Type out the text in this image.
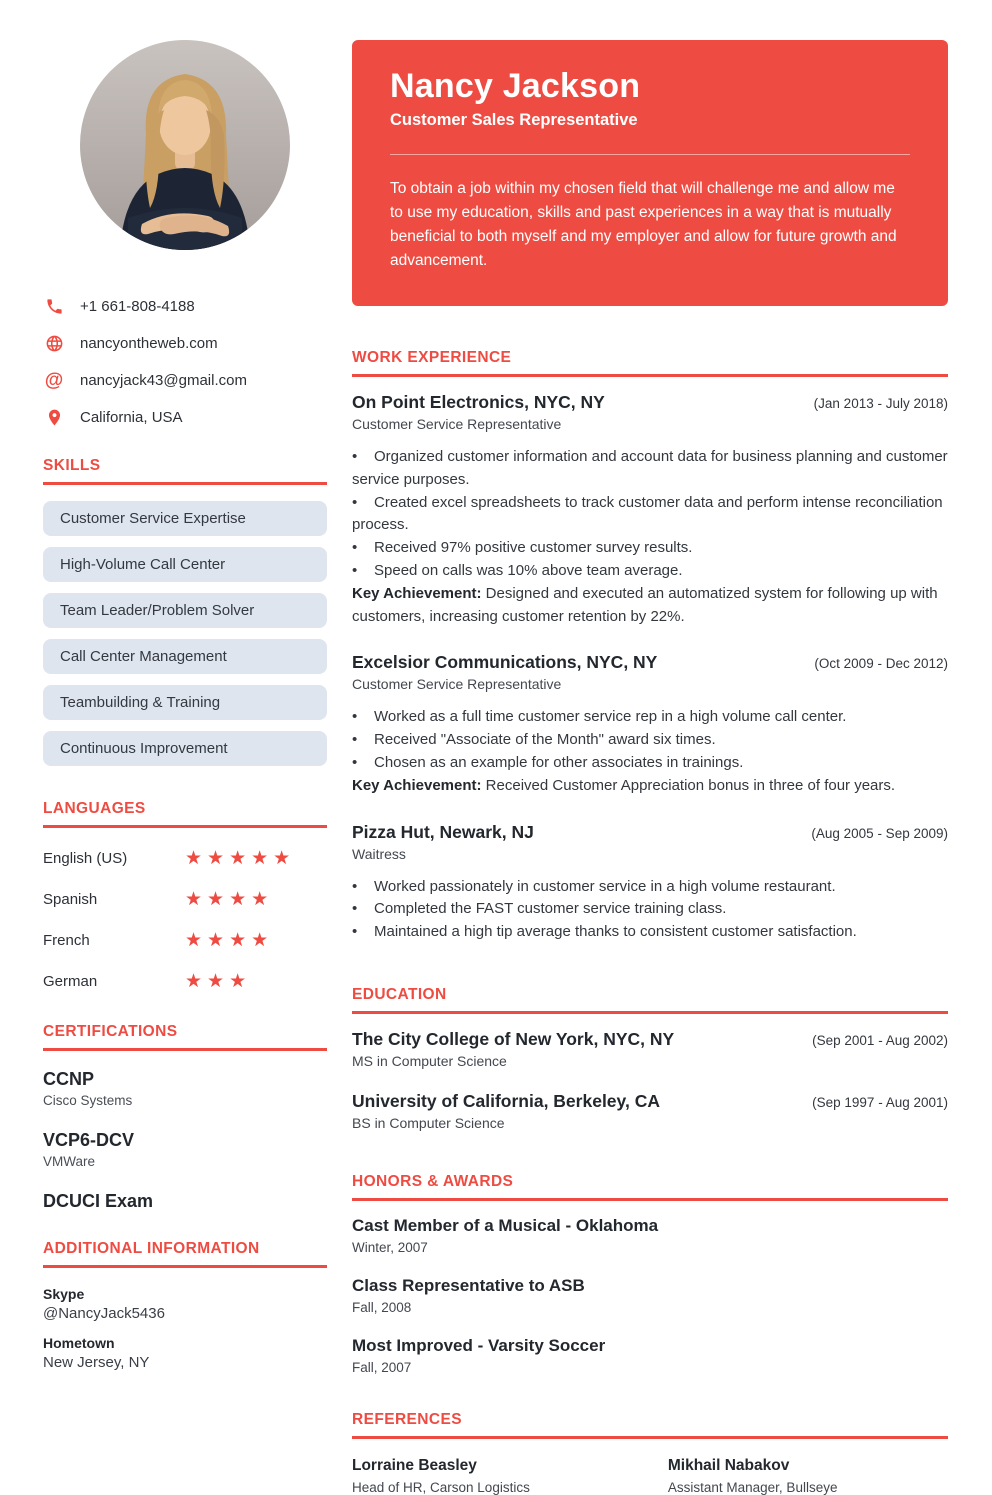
+1 661-808-4188
nancyontheweb.com
@ nancyjack43@gmail.com
California, USA
SKILLS
Customer Service Expertise
High-Volume Call Center
Team Leader/Problem Solver
Call Center Management
Teambuilding & Training
Continuous Improvement
LANGUAGES
English (US)	★★★★★
Spanish	★★★★
French	★★★★
German	★★★
CERTIFICATIONS
CCNP
Cisco Systems
VCP6-DCV
VMWare
DCUCI Exam
ADDITIONAL INFORMATION
Skype
@NancyJack5436
Hometown
New Jersey, NY
Nancy Jackson
Customer Sales Representative
To obtain a job within my chosen field that will challenge me and allow me to use my education, skills and past experiences in a way that is mutually beneficial to both myself and my employer and allow for future growth and advancement.
WORK EXPERIENCE
On Point Electronics, NYC, NY	(Jan 2013 - July 2018)
Customer Service Representative

• Organized customer information and account data for business planning and customer service purposes.

• Created excel spreadsheets to track customer data and perform intense reconciliation process.

• Received 97% positive customer survey results.

• Speed on calls was 10% above team average.

Key Achievement: Designed and executed an automatized system for following up with customers, increasing customer retention by 22%.

Excelsior Communications, NYC, NY	(Oct 2009 - Dec 2012)
Customer Service Representative

• Worked as a full time customer service rep in a high volume call center.

• Received "Associate of the Month" award six times.

• Chosen as an example for other associates in trainings.

Key Achievement: Received Customer Appreciation bonus in three of four years.

Pizza Hut, Newark, NJ	(Aug 2005 - Sep 2009)
Waitress

• Worked passionately in customer service in a high volume restaurant.

• Completed the FAST customer service training class.

• Maintained a high tip average thanks to consistent customer satisfaction.

EDUCATION
The City College of New York, NYC, NY	(Sep 2001 - Aug 2002)
MS in Computer Science
University of California, Berkeley, CA	(Sep 1997 - Aug 2001)
BS in Computer Science
HONORS & AWARDS
Cast Member of a Musical - Oklahoma
Winter, 2007
Class Representative to ASB
Fall, 2008
Most Improved - Varsity Soccer
Fall, 2007
REFERENCES
Lorraine Beasley
Head of HR, Carson Logistics
Mikhail Nabakov
Assistant Manager, Bullseye
